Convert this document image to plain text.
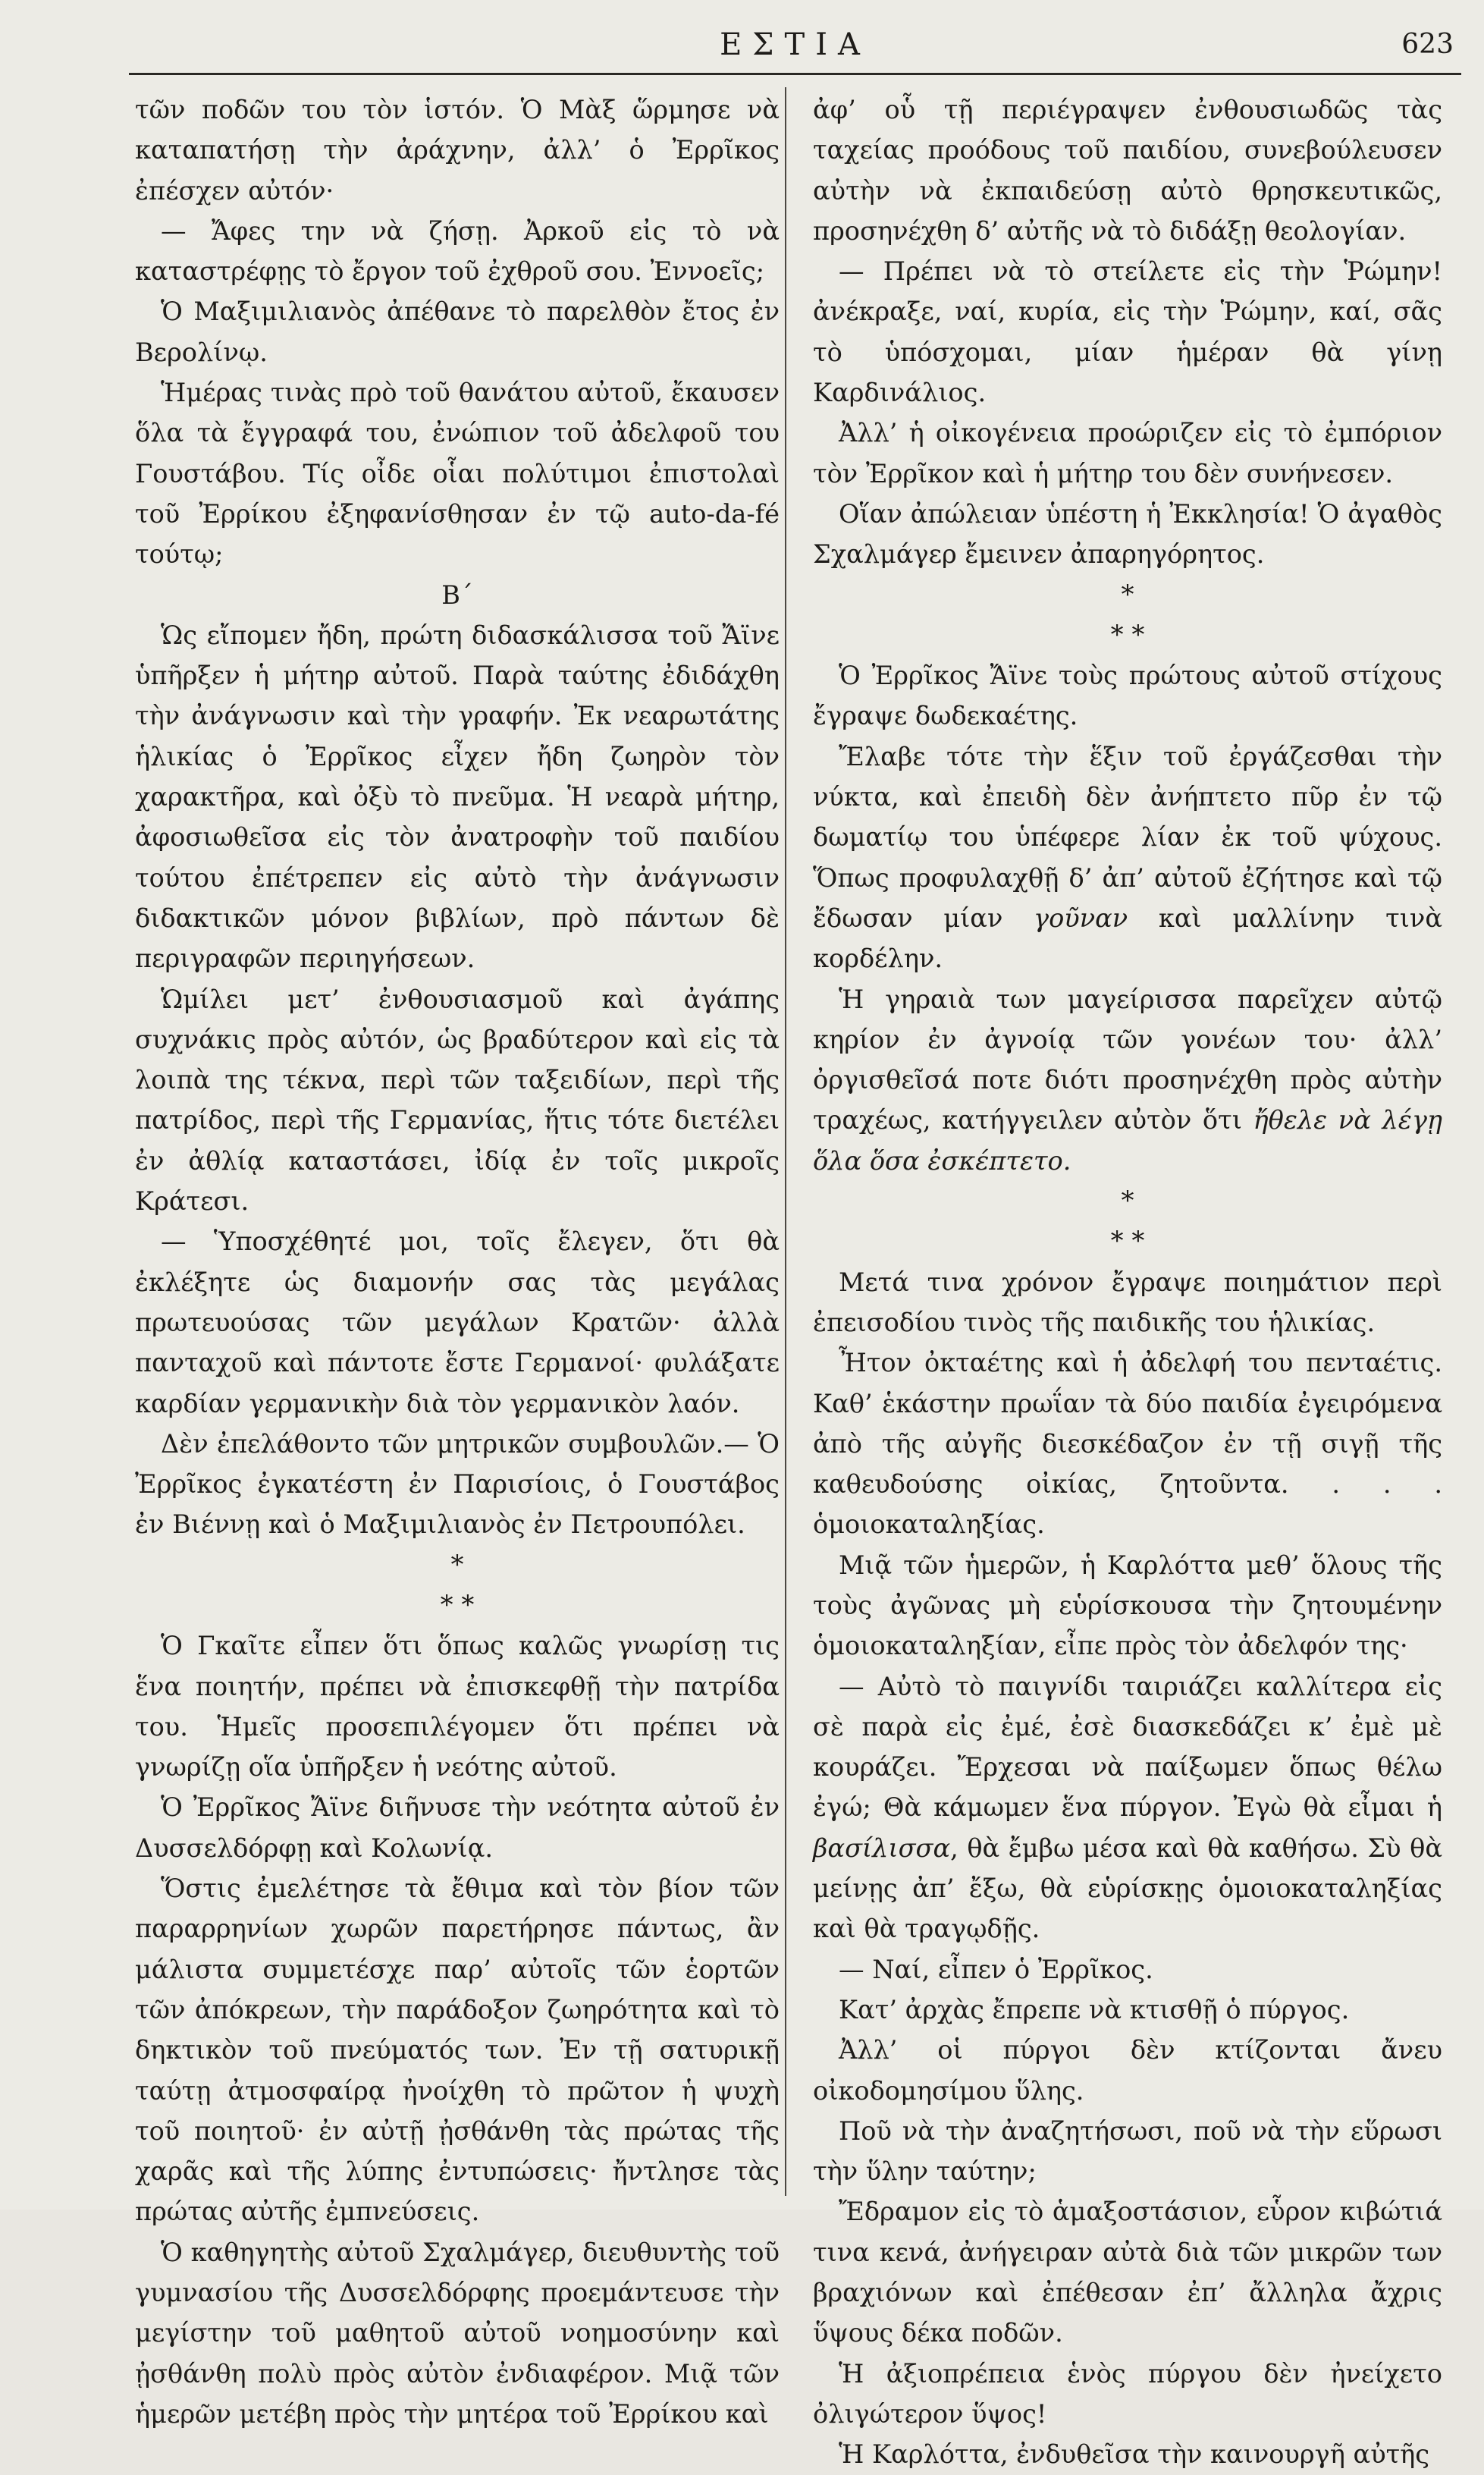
ΕΣΤΙΑ	623

τῶν ποδῶν του τὸν ἱστόν. Ὁ Μὰξ ὥρμησε νὰ καταπατήσῃ τὴν ἀράχνην, ἀλλ’ ὁ Ἐρρῖκος ἐπέσχεν αὐτόν·

— Ἄφες την νὰ ζήσῃ. Ἀρκοῦ εἰς τὸ νὰ καταστρέφῃς τὸ ἔργον τοῦ ἐχθροῦ σου. Ἐννοεῖς;

Ὁ Μαξιμιλιανὸς ἀπέθανε τὸ παρελθὸν ἔτος ἐν Βερολίνῳ.

Ἡμέρας τινὰς πρὸ τοῦ θανάτου αὐτοῦ, ἔκαυσεν ὅλα τὰ ἔγγραφά του, ἐνώπιον τοῦ ἀδελφοῦ του Γουστάβου. Τίς οἶδε οἷαι πολύτιμοι ἐπιστολαὶ τοῦ Ἐρρίκου ἐξηφανίσθησαν ἐν τῷ auto-da-fé τούτῳ;

Β´

Ὡς εἴπομεν ἤδη, πρώτη διδασκάλισσα τοῦ Ἄϊνε ὑπῆρξεν ἡ μήτηρ αὐτοῦ. Παρὰ ταύτης ἐδιδάχθη τὴν ἀνάγνωσιν καὶ τὴν γραφήν. Ἐκ νεαρωτάτης ἡλικίας ὁ Ἐρρῖκος εἶχεν ἤδη ζωηρὸν τὸν χαρακτῆρα, καὶ ὀξὺ τὸ πνεῦμα. Ἡ νεαρὰ μήτηρ, ἀφοσιωθεῖσα εἰς τὸν ἀνατροφὴν τοῦ παιδίου τούτου ἐπέτρεπεν εἰς αὐτὸ τὴν ἀνάγνωσιν διδακτικῶν μόνον βιβλίων, πρὸ πάντων δὲ περιγραφῶν περιηγήσεων.

Ὡμίλει μετ’ ἐνθουσιασμοῦ καὶ ἀγάπης συχνάκις πρὸς αὐτόν, ὡς βραδύτερον καὶ εἰς τὰ λοιπὰ της τέκνα, περὶ τῶν ταξειδίων, περὶ τῆς πατρίδος, περὶ τῆς Γερμανίας, ἥτις τότε διετέλει ἐν ἀθλίᾳ καταστάσει, ἰδίᾳ ἐν τοῖς μικροῖς Κράτεσι.

— Ὑποσχέθητέ μοι, τοῖς ἔλεγεν, ὅτι θὰ ἐκλέξητε ὡς διαμονήν σας τὰς μεγάλας πρωτευούσας τῶν μεγάλων Κρατῶν· ἀλλὰ πανταχοῦ καὶ πάντοτε ἔστε Γερμανοί· φυλάξατε καρδίαν γερμανικὴν διὰ τὸν γερμανικὸν λαόν.

Δὲν ἐπελάθοντο τῶν μητρικῶν συμβουλῶν.— Ὁ Ἐρρῖκος ἐγκατέστη ἐν Παρισίοις, ὁ Γουστάβος ἐν Βιέννῃ καὶ ὁ Μαξιμιλιανὸς ἐν Πετρουπόλει.

*
* *

Ὁ Γκαῖτε εἶπεν ὅτι ὅπως καλῶς γνωρίσῃ τις ἕνα ποιητήν, πρέπει νὰ ἐπισκεφθῇ τὴν πατρίδα του. Ἡμεῖς προσεπιλέγομεν ὅτι πρέπει νὰ γνωρίζῃ οἵα ὑπῆρξεν ἡ νεότης αὐτοῦ.

Ὁ Ἐρρῖκος Ἄϊνε διῆνυσε τὴν νεότητα αὐτοῦ ἐν Δυσσελδόρφῃ καὶ Κολωνίᾳ.

Ὅστις ἐμελέτησε τὰ ἔθιμα καὶ τὸν βίον τῶν παραρρηνίων χωρῶν παρετήρησε πάντως, ἂν μάλιστα συμμετέσχε παρ’ αὐτοῖς τῶν ἑορτῶν τῶν ἀπόκρεων, τὴν παράδοξον ζωηρότητα καὶ τὸ δηκτικὸν τοῦ πνεύματός των. Ἐν τῇ σατυρικῇ ταύτῃ ἀτμοσφαίρᾳ ἠνοίχθη τὸ πρῶτον ἡ ψυχὴ τοῦ ποιητοῦ· ἐν αὐτῇ ᾐσθάνθη τὰς πρώτας τῆς χαρᾶς καὶ τῆς λύπης ἐντυπώσεις· ἤντλησε τὰς πρώτας αὐτῆς ἐμπνεύσεις.

Ὁ καθηγητὴς αὐτοῦ Σχαλμάγερ, διευθυντὴς τοῦ γυμνασίου τῆς Δυσσελδόρφης προεμάντευσε τὴν μεγίστην τοῦ μαθητοῦ αὐτοῦ νοημοσύνην καὶ ᾐσθάνθη πολὺ πρὸς αὐτὸν ἐνδιαφέρον. Μιᾷ τῶν ἡμερῶν μετέβη πρὸς τὴν μητέρα τοῦ Ἐρρίκου καὶ

ἀφ’ οὗ τῇ περιέγραψεν ἐνθουσιωδῶς τὰς ταχείας προόδους τοῦ παιδίου, συνεβούλευσεν αὐτὴν νὰ ἐκπαιδεύσῃ αὐτὸ θρησκευτικῶς, προσηνέχθη δ’ αὐτῆς νὰ τὸ διδάξῃ θεολογίαν.

— Πρέπει νὰ τὸ στείλετε εἰς τὴν Ῥώμην! ἀνέκραξε, ναί, κυρία, εἰς τὴν Ῥώμην, καί, σᾶς τὸ ὑπόσχομαι, μίαν ἡμέραν θὰ γίνῃ Καρδινάλιος.

Ἀλλ’ ἡ οἰκογένεια προώριζεν εἰς τὸ ἐμπόριον τὸν Ἐρρῖκον καὶ ἡ μήτηρ του δὲν συνήνεσεν.

Οἵαν ἀπώλειαν ὑπέστη ἡ Ἐκκλησία! Ὁ ἀγαθὸς Σχαλμάγερ ἔμεινεν ἀπαρηγόρητος.

*
* *

Ὁ Ἐρρῖκος Ἄϊνε τοὺς πρώτους αὐτοῦ στίχους ἔγραψε δωδεκαέτης.

Ἔλαβε τότε τὴν ἕξιν τοῦ ἐργάζεσθαι τὴν νύκτα, καὶ ἐπειδὴ δὲν ἀνήπτετο πῦρ ἐν τῷ δωματίῳ του ὑπέφερε λίαν ἐκ τοῦ ψύχους. Ὅπως προφυλαχθῇ δ’ ἀπ’ αὐτοῦ ἐζήτησε καὶ τῷ ἔδωσαν μίαν γοῦναν καὶ μαλλίνην τινὰ κορδέλην.

Ἡ γηραιὰ των μαγείρισσα παρεῖχεν αὐτῷ κηρίον ἐν ἀγνοίᾳ τῶν γονέων του· ἀλλ’ ὀργισθεῖσά ποτε διότι προσηνέχθη πρὸς αὐτὴν τραχέως, κατήγγειλεν αὐτὸν ὅτι ἤθελε νὰ λέγῃ ὅλα ὅσα ἐσκέπτετο.

*
* *

Μετά τινα χρόνον ἔγραψε ποιημάτιον περὶ ἐπεισοδίου τινὸς τῆς παιδικῆς του ἡλικίας.

Ἦτον ὀκταέτης καὶ ἡ ἀδελφή του πενταέτις. Καθ’ ἑκάστην πρωΐαν τὰ δύο παιδία ἐγειρόμενα ἀπὸ τῆς αὐγῆς διεσκέδαζον ἐν τῇ σιγῇ τῆς καθευδούσης οἰκίας, ζητοῦντα. . . . ὁμοιοκαταληξίας.

Μιᾷ τῶν ἡμερῶν, ἡ Καρλόττα μεθ’ ὅλους τῆς τοὺς ἀγῶνας μὴ εὑρίσκουσα τὴν ζητουμένην ὁμοιοκαταληξίαν, εἶπε πρὸς τὸν ἀδελφόν της·

— Αὐτὸ τὸ παιγνίδι ταιριάζει καλλίτερα εἰς σὲ παρὰ εἰς ἐμέ, ἐσὲ διασκεδάζει κ’ ἐμὲ μὲ κουράζει. Ἔρχεσαι νὰ παίξωμεν ὅπως θέλω ἐγώ; Θὰ κάμωμεν ἕνα πύργον. Ἐγὼ θὰ εἶμαι ἡ βασίλισσα, θὰ ἔμβω μέσα καὶ θὰ καθήσω. Σὺ θὰ μείνῃς ἀπ’ ἔξω, θὰ εὑρίσκῃς ὁμοιοκαταληξίας καὶ θὰ τραγῳδῇς.

— Ναί, εἶπεν ὁ Ἐρρῖκος.

Κατ’ ἀρχὰς ἔπρεπε νὰ κτισθῇ ὁ πύργος.

Ἀλλ’ οἱ πύργοι δὲν κτίζονται ἄνευ οἰκοδομησίμου ὕλης.

Ποῦ νὰ τὴν ἀναζητήσωσι, ποῦ νὰ τὴν εὕρωσι τὴν ὕλην ταύτην;

Ἔδραμον εἰς τὸ ἁμαξοστάσιον, εὗρον κιβώτιά τινα κενά, ἀνήγειραν αὐτὰ διὰ τῶν μικρῶν των βραχιόνων καὶ ἐπέθεσαν ἐπ’ ἄλληλα ἄχρις ὕψους δέκα ποδῶν.

Ἡ ἀξιοπρέπεια ἑνὸς πύργου δὲν ἠνείχετο ὀλιγώτερον ὕψος!

Ἡ Καρλόττα, ἐνδυθεῖσα τὴν καινουργῆ αὐτῆς
